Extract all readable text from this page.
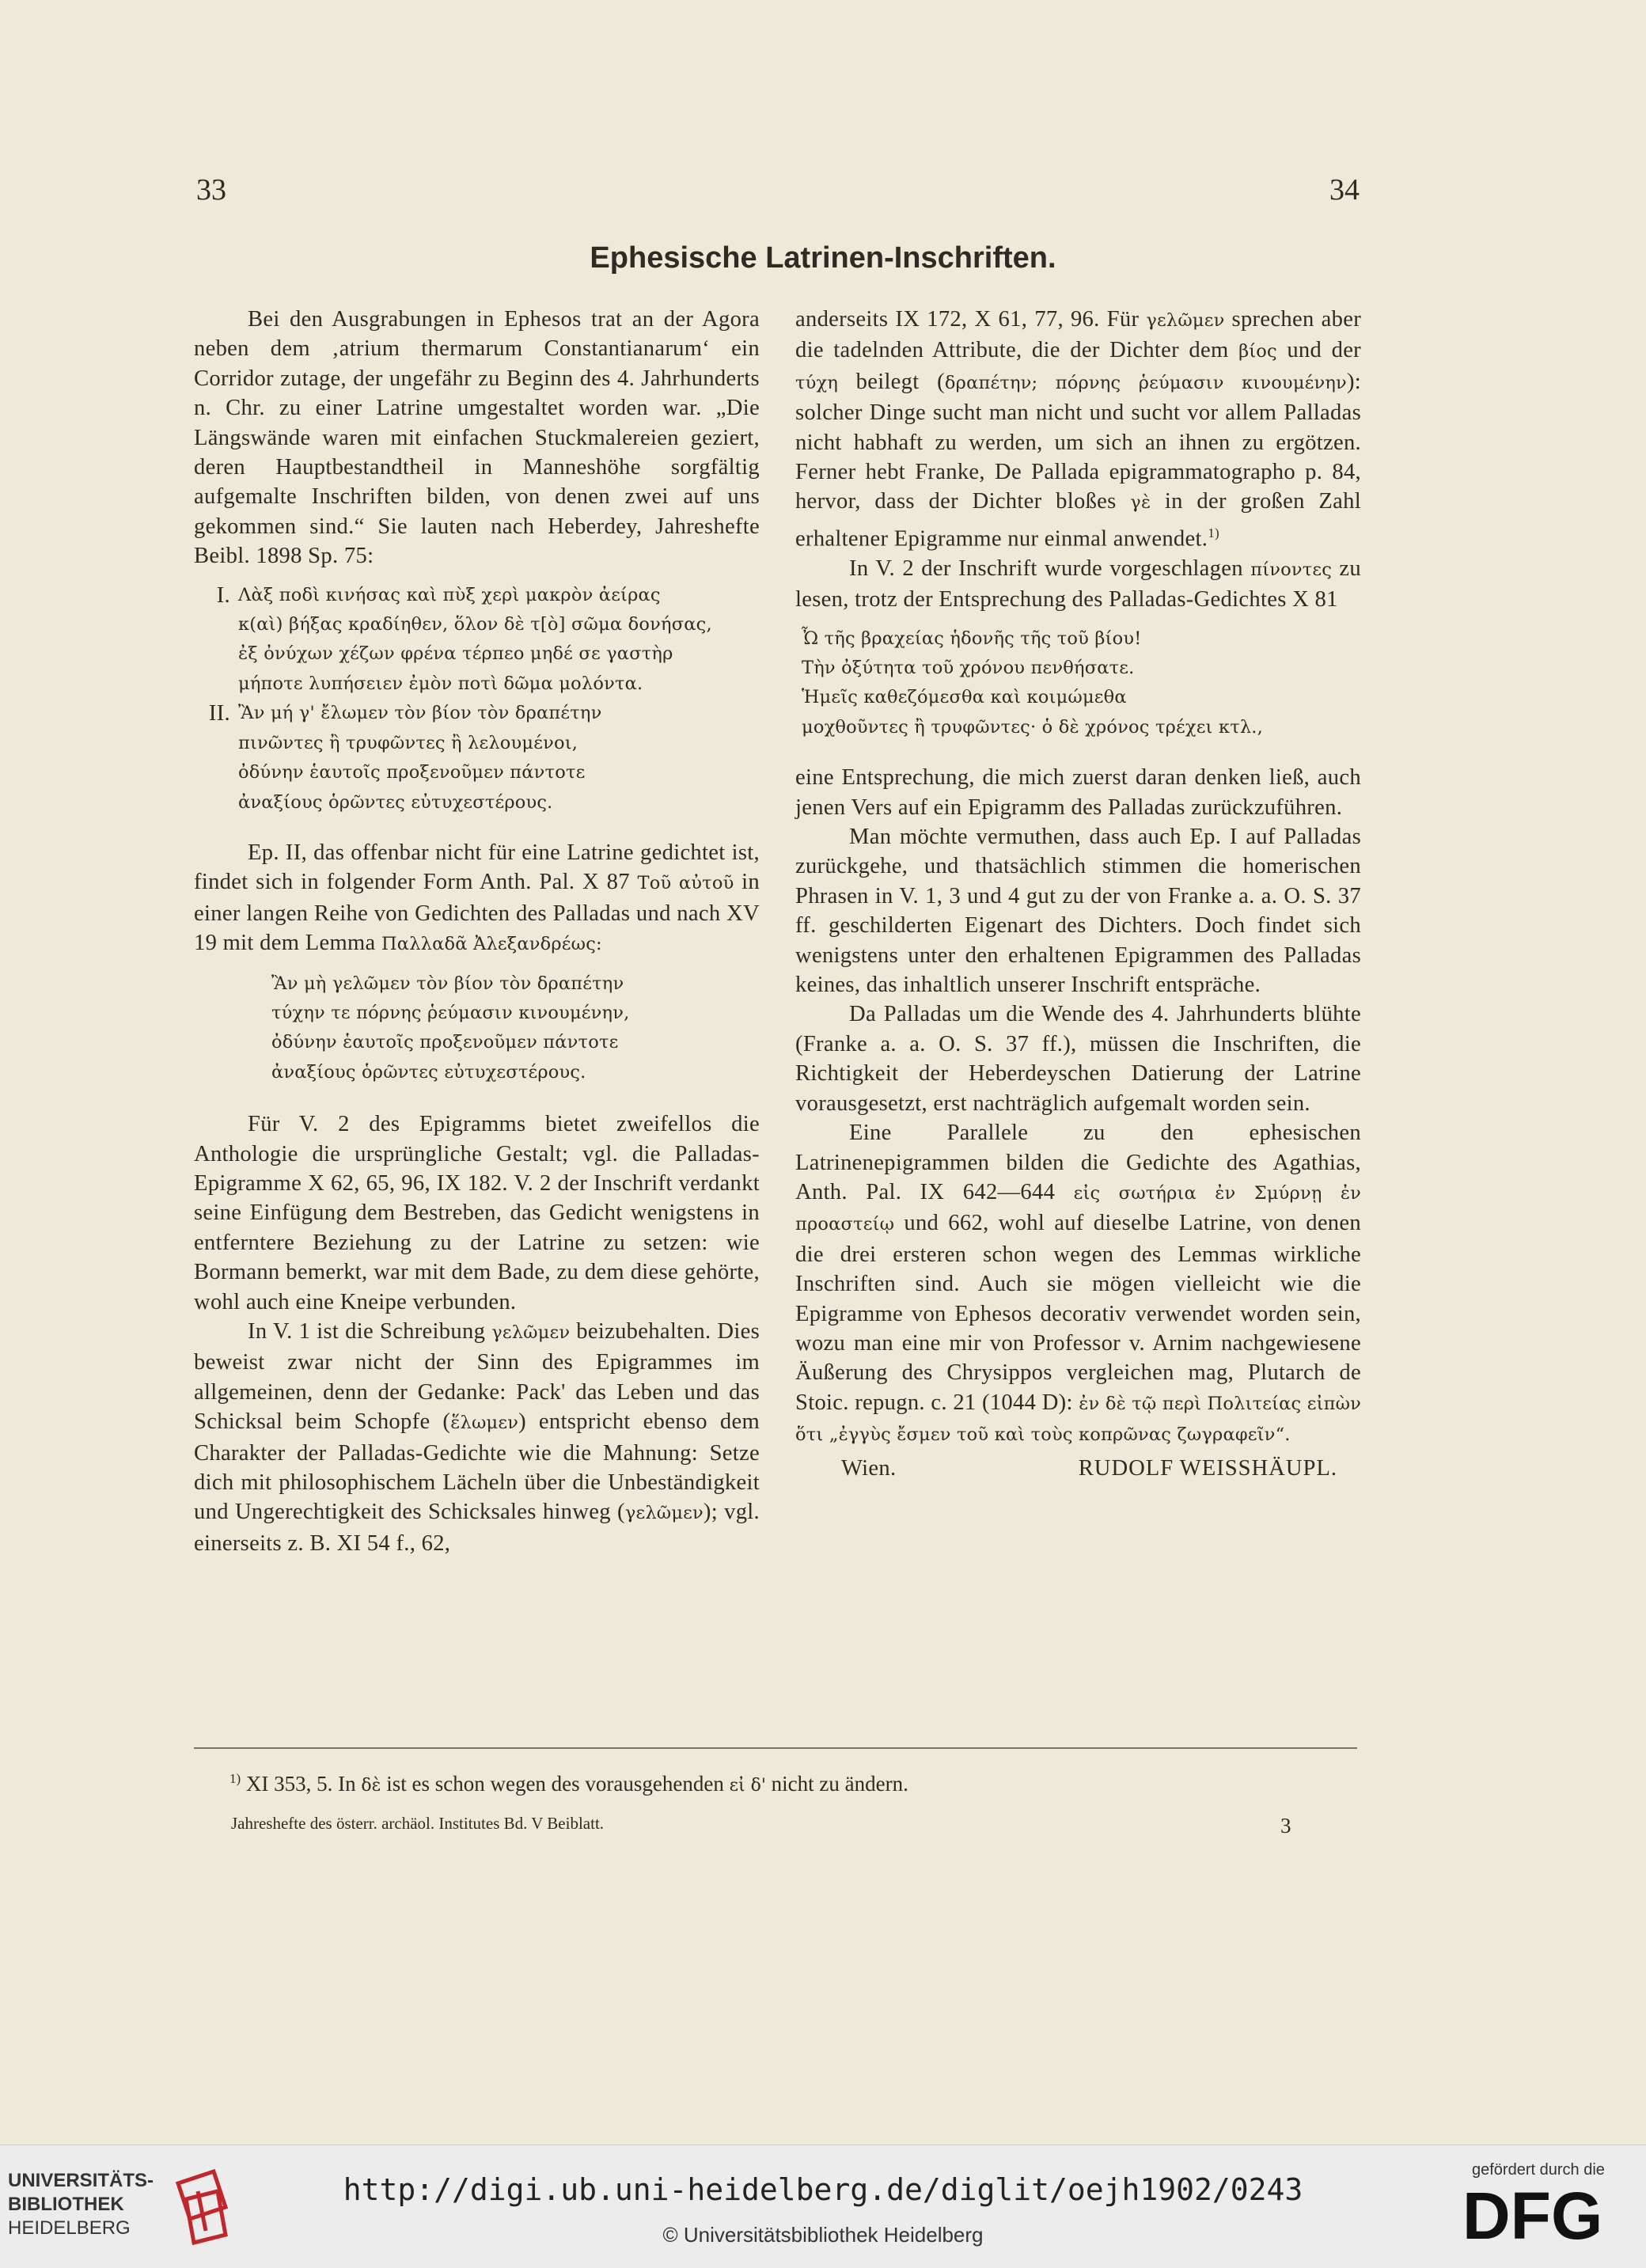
33	34
Ephesische Latrinen-Inschriften.

Bei den Ausgrabungen in Ephesos trat an der Agora neben dem ‚atrium thermarum Constantianarum‘ ein Corridor zutage, der ungefähr zu Beginn des 4. Jahrhunderts n. Chr. zu einer Latrine umgestaltet worden war. „Die Längswände waren mit einfachen Stuckmalereien geziert, deren Hauptbestandtheil in Manneshöhe sorgfältig aufgemalte Inschriften bilden, von denen zwei auf uns gekommen sind.“ Sie lauten nach Heberdey, Jahreshefte Beibl. 1898 Sp. 75:

I. Λὰξ ποδὶ κινήσας καὶ πὺξ χερὶ μακρὸν ἀείρας
κ(αὶ) βήξας κραδίηθεν, ὅλον δὲ τ[ὸ] σῶμα δονήσας,
ἐξ ὀνύχων χέζων φρένα τέρπεο μηδέ σε γαστὴρ
μήποτε λυπήσειεν ἐμὸν ποτὶ δῶμα μολόντα.
II. Ἂν μή γ' ἔλωμεν τὸν βίον τὸν δραπέτην
πινῶντες ἢ τρυφῶντες ἢ λελουμένοι,
ὀδύνην ἑαυτοῖς προξενοῦμεν πάντοτε
ἀναξίους ὁρῶντες εὐτυχεστέρους.

Ep. II, das offenbar nicht für eine Latrine gedichtet ist, findet sich in folgender Form Anth. Pal. X 87 Τοῦ αὐτοῦ in einer langen Reihe von Gedichten des Palladas und nach XV 19 mit dem Lemma Παλλαδᾶ Ἀλεξανδρέως:

Ἂν μὴ γελῶμεν τὸν βίον τὸν δραπέτην
τύχην τε πόρνης ῥεύμασιν κινουμένην,
ὀδύνην ἑαυτοῖς προξενοῦμεν πάντοτε
ἀναξίους ὁρῶντες εὐτυχεστέρους.

Für V. 2 des Epigramms bietet zweifellos die Anthologie die ursprüngliche Gestalt; vgl. die Palladas-Epigramme X 62, 65, 96, IX 182. V. 2 der Inschrift verdankt seine Einfügung dem Bestreben, das Gedicht wenigstens in entferntere Beziehung zu der Latrine zu setzen: wie Bormann bemerkt, war mit dem Bade, zu dem diese gehörte, wohl auch eine Kneipe verbunden.

In V. 1 ist die Schreibung γελῶμεν beizubehalten. Dies beweist zwar nicht der Sinn des Epigrammes im allgemeinen, denn der Gedanke: Pack' das Leben und das Schicksal beim Schopfe (ἕλωμεν) entspricht ebenso dem Charakter der Palladas-Gedichte wie die Mahnung: Setze dich mit philosophischem Lächeln über die Unbeständigkeit und Ungerechtigkeit des Schicksales hinweg (γελῶμεν); vgl. einerseits z. B. XI 54 f., 62,

anderseits IX 172, X 61, 77, 96. Für γελῶμεν sprechen aber die tadelnden Attribute, die der Dichter dem βίος und der τύχη beilegt (δραπέτην; πόρνης ῥεύμασιν κινουμένην): solcher Dinge sucht man nicht und sucht vor allem Palladas nicht habhaft zu werden, um sich an ihnen zu ergötzen. Ferner hebt Franke, De Pallada epigrammatographo p. 84, hervor, dass der Dichter bloßes γὲ in der großen Zahl erhaltener Epigramme nur einmal anwendet.$^{1)}$

In V. 2 der Inschrift wurde vorgeschlagen πίνοντες zu lesen, trotz der Entsprechung des Palladas-Gedichtes X 81

Ὦ τῆς βραχείας ἡδονῆς τῆς τοῦ βίου!
Τὴν ὀξύτητα τοῦ χρόνου πενθήσατε.
Ἡμεῖς καθεζόμεσθα καὶ κοιμώμεθα
μοχθοῦντες ἢ τρυφῶντες· ὁ δὲ χρόνος τρέχει κτλ.,

eine Entsprechung, die mich zuerst daran denken ließ, auch jenen Vers auf ein Epigramm des Palladas zurückzuführen.

Man möchte vermuthen, dass auch Ep. I auf Palladas zurückgehe, und thatsächlich stimmen die homerischen Phrasen in V. 1, 3 und 4 gut zu der von Franke a. a. O. S. 37 ff. geschilderten Eigenart des Dichters. Doch findet sich wenigstens unter den erhaltenen Epigrammen des Palladas keines, das inhaltlich unserer Inschrift entspräche.

Da Palladas um die Wende des 4. Jahrhunderts blühte (Franke a. a. O. S. 37 ff.), müssen die Inschriften, die Richtigkeit der Heberdeyschen Datierung der Latrine vorausgesetzt, erst nachträglich aufgemalt worden sein.

Eine Parallele zu den ephesischen Latrinenepigrammen bilden die Gedichte des Agathias, Anth. Pal. IX 642—644 εἰς σωτήρια ἐν Σμύρνῃ ἐν προαστείῳ und 662, wohl auf dieselbe Latrine, von denen die drei ersteren schon wegen des Lemmas wirkliche Inschriften sind. Auch sie mögen vielleicht wie die Epigramme von Ephesos decorativ verwendet worden sein, wozu man eine mir von Professor v. Arnim nachgewiesene Äußerung des Chrysippos vergleichen mag, Plutarch de Stoic. repugn. c. 21 (1044 D): ἐν δὲ τῷ περὶ Πολιτείας εἰπὼν ὅτι „ἐγγὺς ἔσμεν τοῦ καὶ τοὺς κοπρῶνας ζωγραφεῖν“.

Wien.	RUDOLF WEISSHÄUPL.
$^{1)}$ XI 353, 5. In δὲ ist es schon wegen des vorausgehenden εἰ δ' nicht zu ändern.
Jahreshefte des österr. archäol. Institutes Bd. V Beiblatt.	3
UNIVERSITÄTS-
BIBLIOTHEK
HEIDELBERG
http://digi.ub.uni-heidelberg.de/diglit/oejh1902/0243
© Universitätsbibliothek Heidelberg
gefördert durch die
DFG
